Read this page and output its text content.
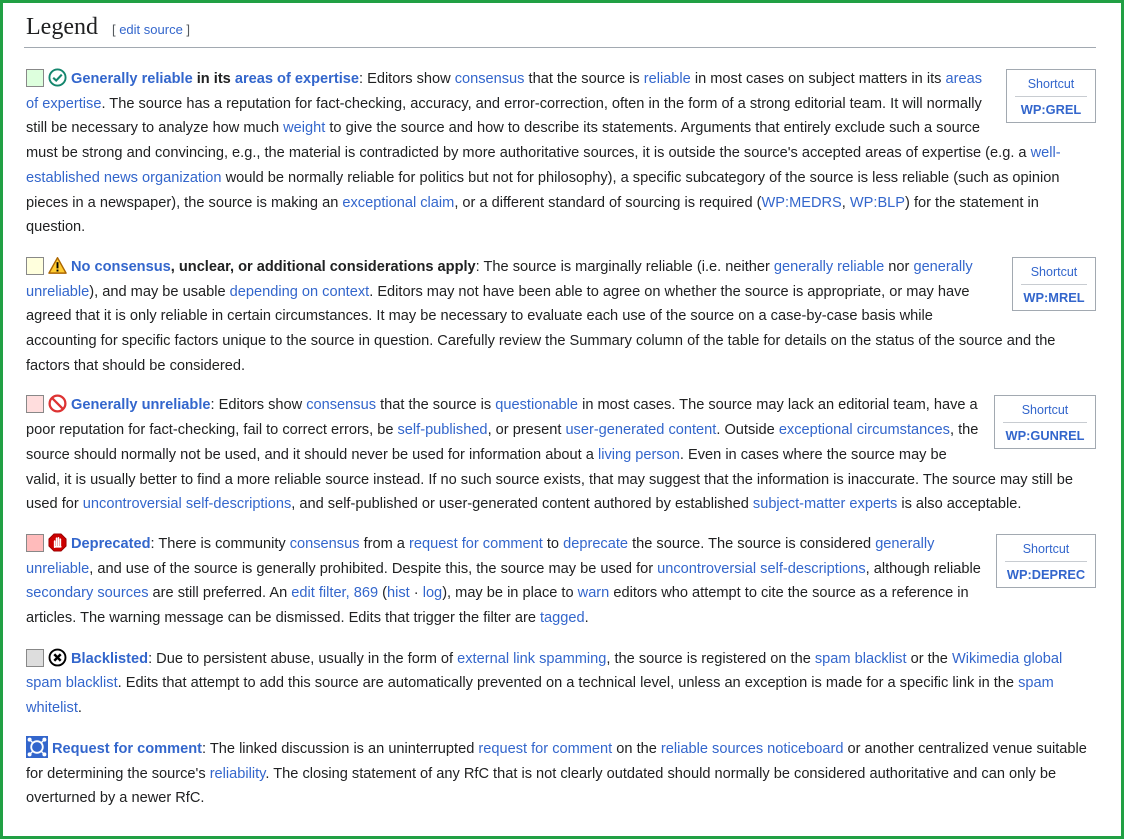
Legend [ edit source ]
Shortcut
WP:GREL

Generally reliable in its areas of expertise: Editors show consensus that the source is reliable in most cases on subject matters in its areas of expertise. The source has a reputation for fact-checking, accuracy, and error-correction, often in the form of a strong editorial team. It will normally still be necessary to analyze how much weight to give the source and how to describe its statements. Arguments that entirely exclude such a source must be strong and convincing, e.g., the material is contradicted by more authoritative sources, it is outside the source's accepted areas of expertise (e.g. a well-established news organization would be normally reliable for politics but not for philosophy), a specific subcategory of the source is less reliable (such as opinion pieces in a newspaper), the source is making an exceptional claim, or a different standard of sourcing is required (WP:MEDRS, WP:BLP) for the statement in question.

Shortcut
WP:MREL

No consensus, unclear, or additional considerations apply: The source is marginally reliable (i.e. neither generally reliable nor generally unreliable), and may be usable depending on context. Editors may not have been able to agree on whether the source is appropriate, or may have agreed that it is only reliable in certain circumstances. It may be necessary to evaluate each use of the source on a case-by-case basis while accounting for specific factors unique to the source in question. Carefully review the Summary column of the table for details on the status of the source and the factors that should be considered.

Shortcut
WP:GUNREL

Generally unreliable: Editors show consensus that the source is questionable in most cases. The source may lack an editorial team, have a poor reputation for fact-checking, fail to correct errors, be self-published, or present user-generated content. Outside exceptional circumstances, the source should normally not be used, and it should never be used for information about a living person. Even in cases where the source may be valid, it is usually better to find a more reliable source instead. If no such source exists, that may suggest that the information is inaccurate. The source may still be used for uncontroversial self-descriptions, and self-published or user-generated content authored by established subject-matter experts is also acceptable.

Shortcut
WP:DEPREC

Deprecated: There is community consensus from a request for comment to deprecate the source. The source is considered generally unreliable, and use of the source is generally prohibited. Despite this, the source may be used for uncontroversial self-descriptions, although reliable secondary sources are still preferred. An edit filter, 869 (hist · log), may be in place to warn editors who attempt to cite the source as a reference in articles. The warning message can be dismissed. Edits that trigger the filter are tagged.

Blacklisted: Due to persistent abuse, usually in the form of external link spamming, the source is registered on the spam blacklist or the Wikimedia global spam blacklist. Edits that attempt to add this source are automatically prevented on a technical level, unless an exception is made for a specific link in the spam whitelist.

Request for comment: The linked discussion is an uninterrupted request for comment on the reliable sources noticeboard or another centralized venue suitable for determining the source's reliability. The closing statement of any RfC that is not clearly outdated should normally be considered authoritative and can only be overturned by a newer RfC.
